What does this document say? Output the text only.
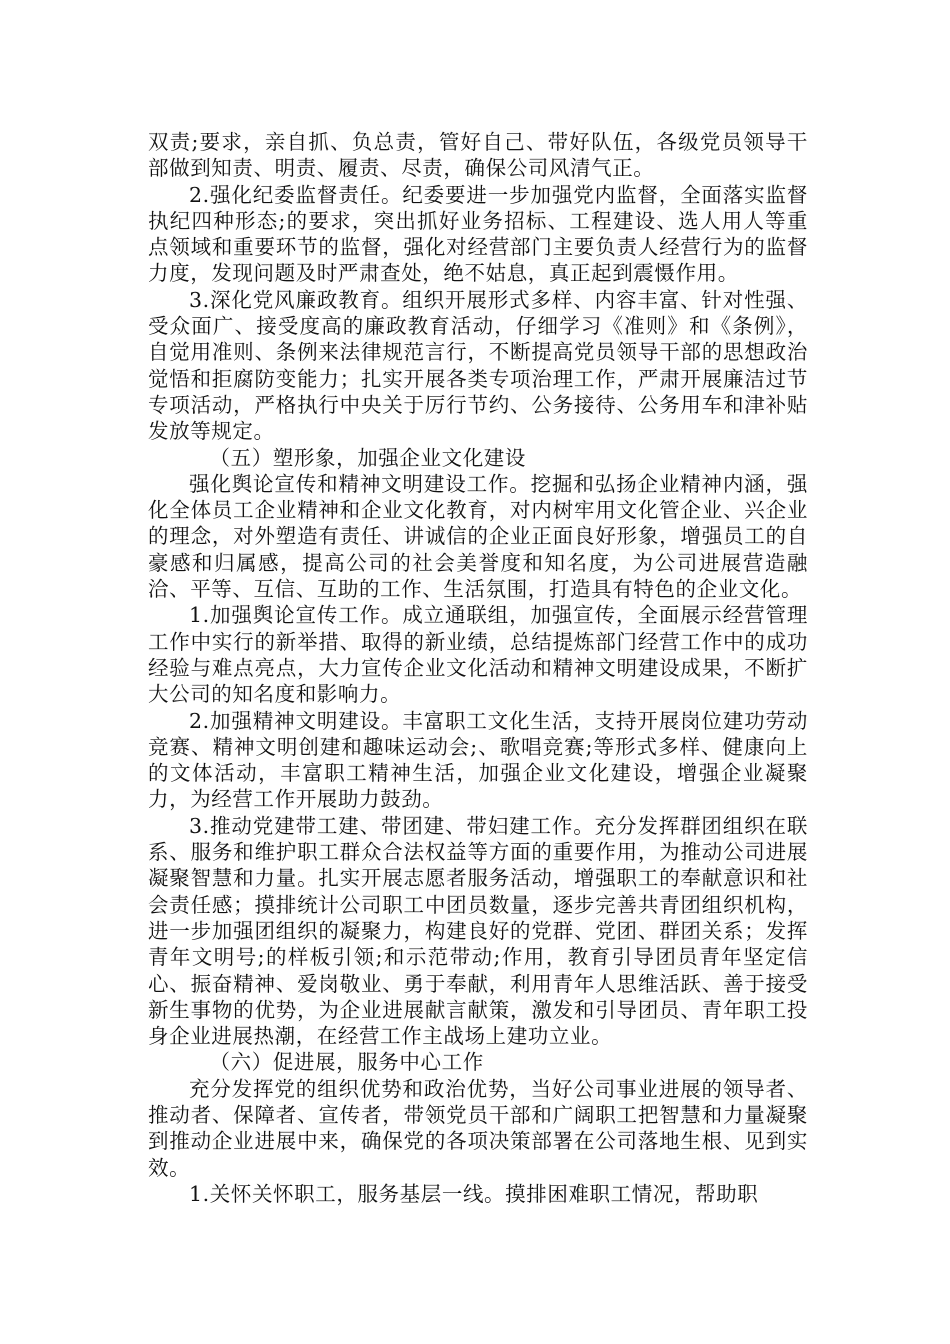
双责;要求，亲自抓、负总责，管好自己、带好队伍，各级党员领导干部做到知责、明责、履责、尽责，确保公司风清气正。

2.强化纪委监督责任。纪委要进一步加强党内监督，全面落实监督执纪四种形态;的要求，突出抓好业务招标、工程建设、选人用人等重点领域和重要环节的监督，强化对经营部门主要负责人经营行为的监督力度，发现问题及时严肃查处，绝不姑息，真正起到震慑作用。

3.深化党风廉政教育。组织开展形式多样、内容丰富、针对性强、受众面广、接受度高的廉政教育活动，仔细学习《准则》和《条例》，自觉用准则、条例来法律规范言行，不断提高党员领导干部的思想政治觉悟和拒腐防变能力；扎实开展各类专项治理工作，严肃开展廉洁过节专项活动，严格执行中央关于厉行节约、公务接待、公务用车和津补贴发放等规定。

（五）塑形象，加强企业文化建设

强化舆论宣传和精神文明建设工作。挖掘和弘扬企业精神内涵，强化全体员工企业精神和企业文化教育，对内树牢用文化管企业、兴企业的理念，对外塑造有责任、讲诚信的企业正面良好形象，增强员工的自豪感和归属感，提高公司的社会美誉度和知名度，为公司进展营造融洽、平等、互信、互助的工作、生活氛围，打造具有特色的企业文化。

1.加强舆论宣传工作。成立通联组，加强宣传，全面展示经营管理工作中实行的新举措、取得的新业绩，总结提炼部门经营工作中的成功经验与难点亮点，大力宣传企业文化活动和精神文明建设成果，不断扩大公司的知名度和影响力。

2.加强精神文明建设。丰富职工文化生活，支持开展岗位建功劳动竞赛、精神文明创建和趣味运动会;、歌唱竞赛;等形式多样、健康向上的文体活动，丰富职工精神生活，加强企业文化建设，增强企业凝聚力，为经营工作开展助力鼓劲。

3.推动党建带工建、带团建、带妇建工作。充分发挥群团组织在联系、服务和维护职工群众合法权益等方面的重要作用，为推动公司进展凝聚智慧和力量。扎实开展志愿者服务活动，增强职工的奉献意识和社会责任感；摸排统计公司职工中团员数量，逐步完善共青团组织机构，进一步加强团组织的凝聚力，构建良好的党群、党团、群团关系；发挥青年文明号;的样板引领;和示范带动;作用，教育引导团员青年坚定信心、振奋精神、爱岗敬业、勇于奉献，利用青年人思维活跃、善于接受新生事物的优势，为企业进展献言献策，激发和引导团员、青年职工投身企业进展热潮，在经营工作主战场上建功立业。

（六）促进展，服务中心工作

充分发挥党的组织优势和政治优势，当好公司事业进展的领导者、推动者、保障者、宣传者，带领党员干部和广阔职工把智慧和力量凝聚到推动企业进展中来，确保党的各项决策部署在公司落地生根、见到实效。

1.关怀关怀职工，服务基层一线。摸排困难职工情况，帮助职
